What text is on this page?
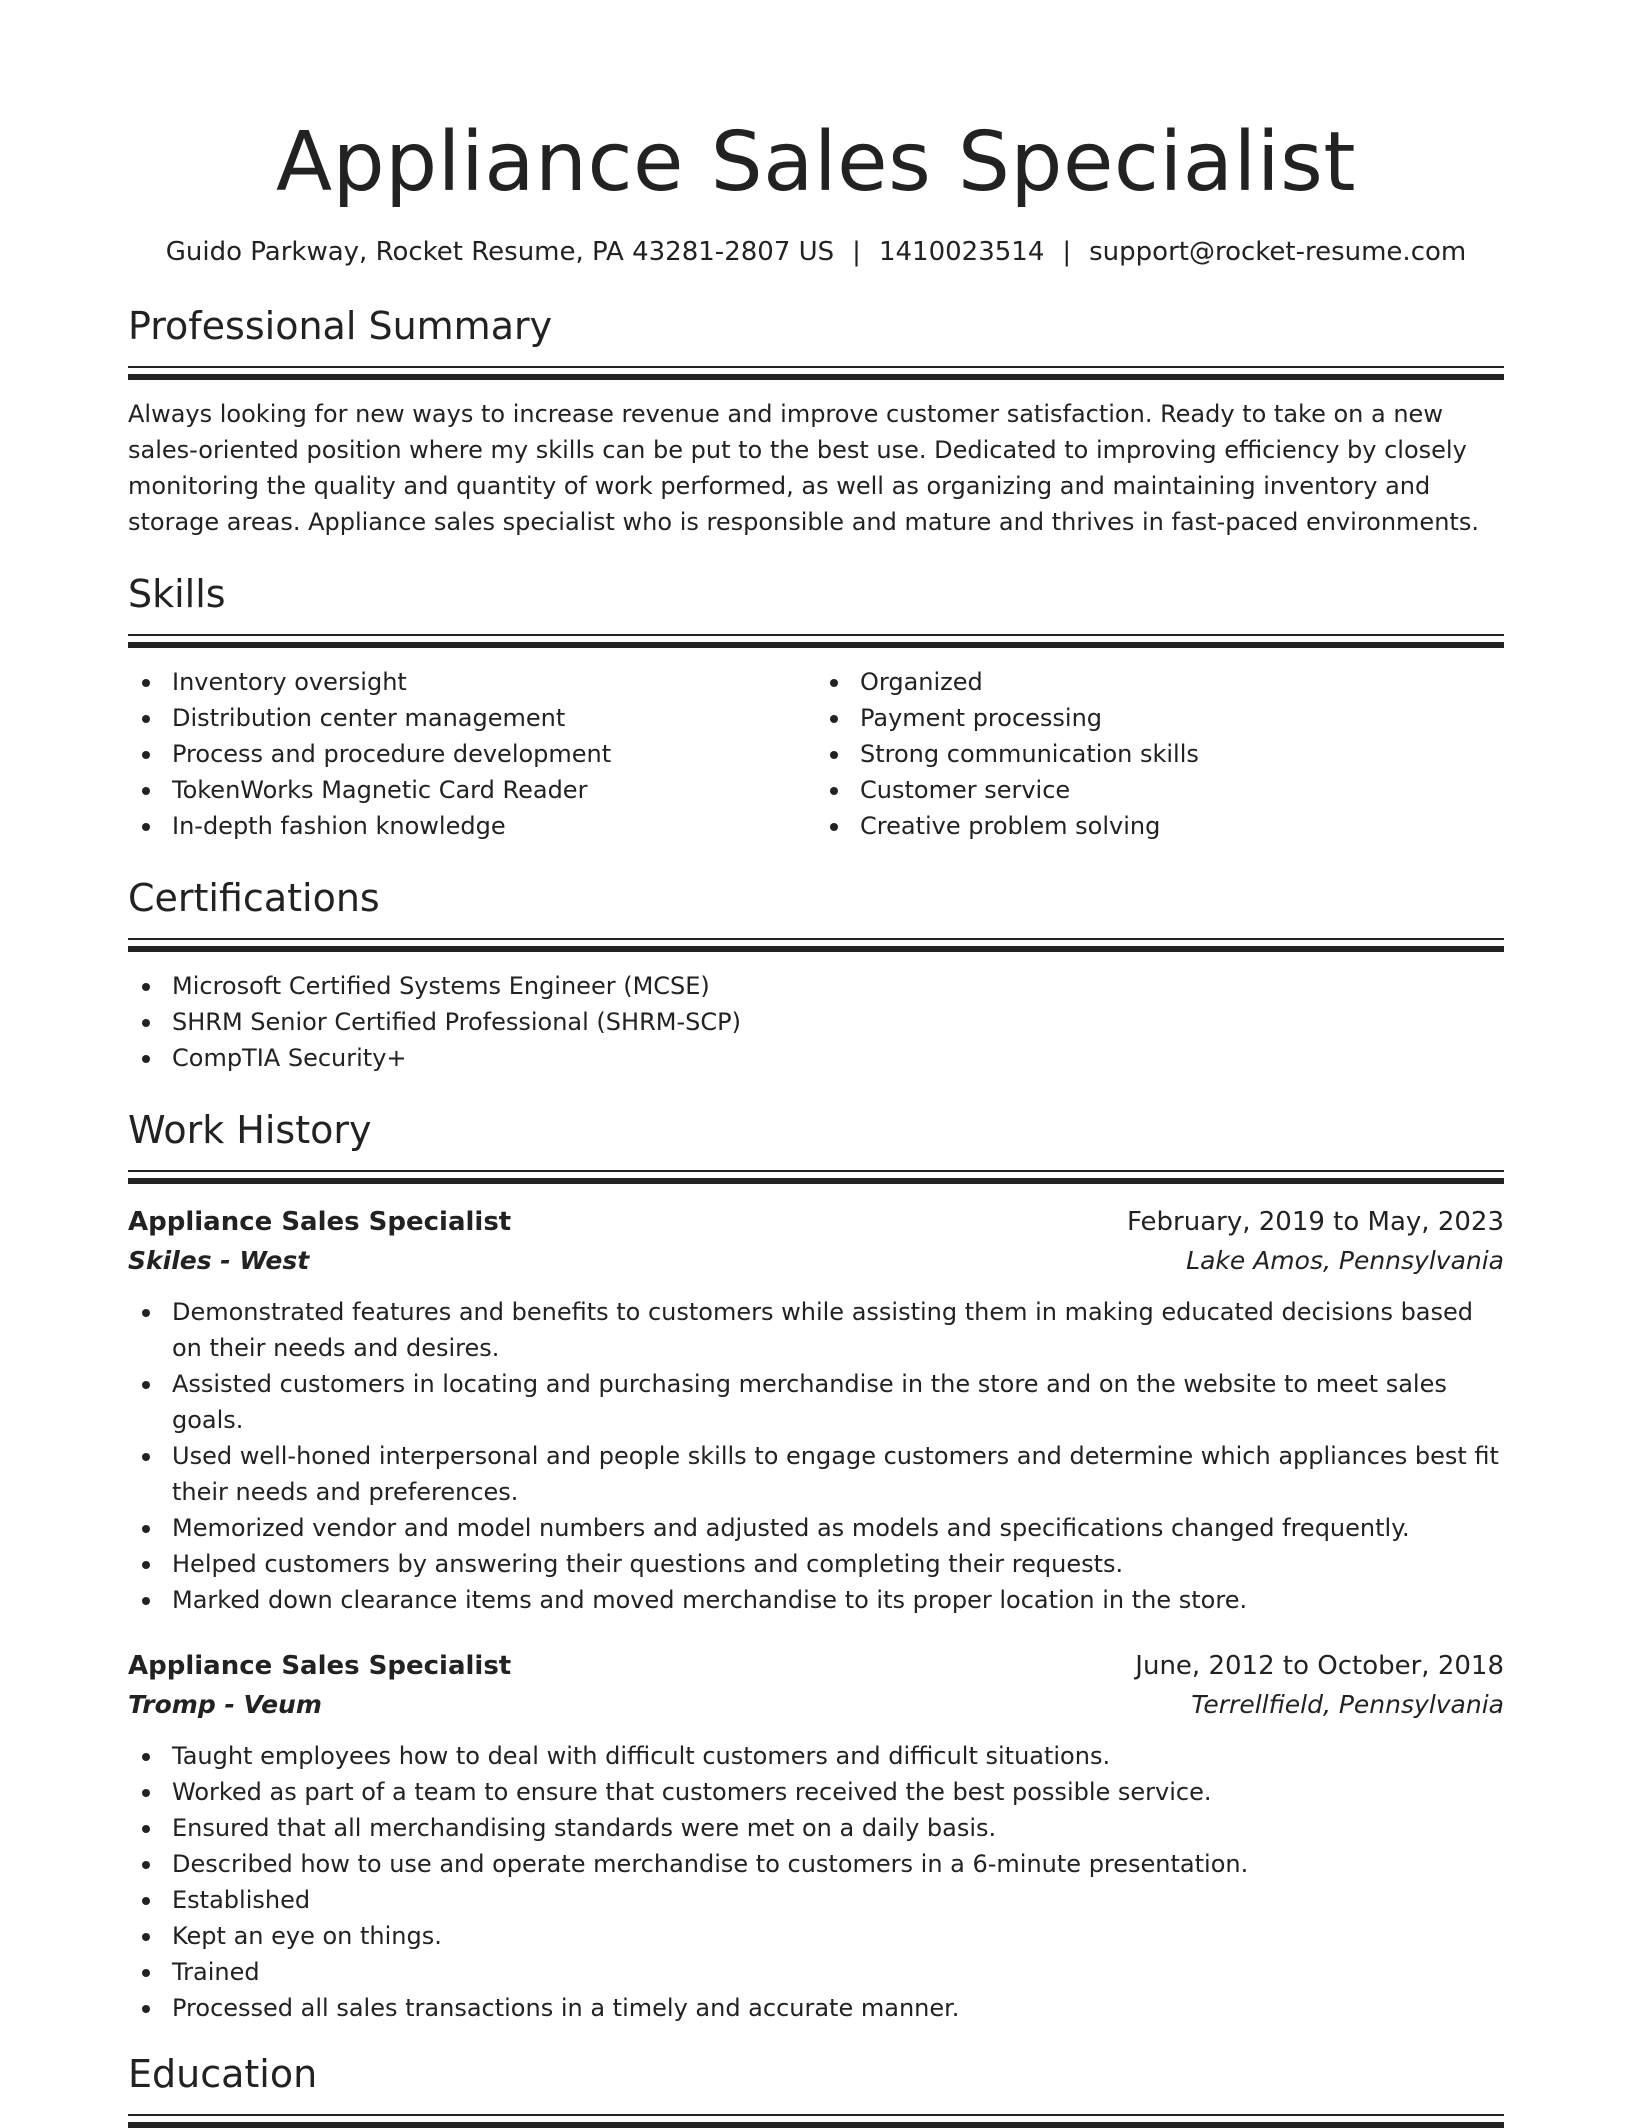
Appliance Sales Specialist
Guido Parkway, Rocket Resume, PA 43281-2807 US | 1410023514 | support@rocket-resume.com
Professional Summary

Always looking for new ways to increase revenue and improve customer satisfaction. Ready to take on a new sales-oriented position where my skills can be put to the best use. Dedicated to improving efficiency by closely monitoring the quality and quantity of work performed, as well as organizing and maintaining inventory and storage areas. Appliance sales specialist who is responsible and mature and thrives in fast-paced environments.

Skills
Inventory oversight
Distribution center management
Process and procedure development
TokenWorks Magnetic Card Reader
In-depth fashion knowledge
Organized
Payment processing
Strong communication skills
Customer service
Creative problem solving
Certifications
Microsoft Certified Systems Engineer (MCSE)
SHRM Senior Certified Professional (SHRM-SCP)
CompTIA Security+
Work History
Appliance Sales Specialist	February, 2019 to May, 2023
Skiles - West	Lake Amos, Pennsylvania
Demonstrated features and benefits to customers while assisting them in making educated decisions based on their needs and desires.
Assisted customers in locating and purchasing merchandise in the store and on the website to meet sales goals.
Used well-honed interpersonal and people skills to engage customers and determine which appliances best fit their needs and preferences.
Memorized vendor and model numbers and adjusted as models and specifications changed frequently.
Helped customers by answering their questions and completing their requests.
Marked down clearance items and moved merchandise to its proper location in the store.
Appliance Sales Specialist	June, 2012 to October, 2018
Tromp - Veum	Terrellfield, Pennsylvania
Taught employees how to deal with difficult customers and difficult situations.
Worked as part of a team to ensure that customers received the best possible service.
Ensured that all merchandising standards were met on a daily basis.
Described how to use and operate merchandise to customers in a 6-minute presentation.
Established
Kept an eye on things.
Trained
Processed all sales transactions in a timely and accurate manner.
Education
